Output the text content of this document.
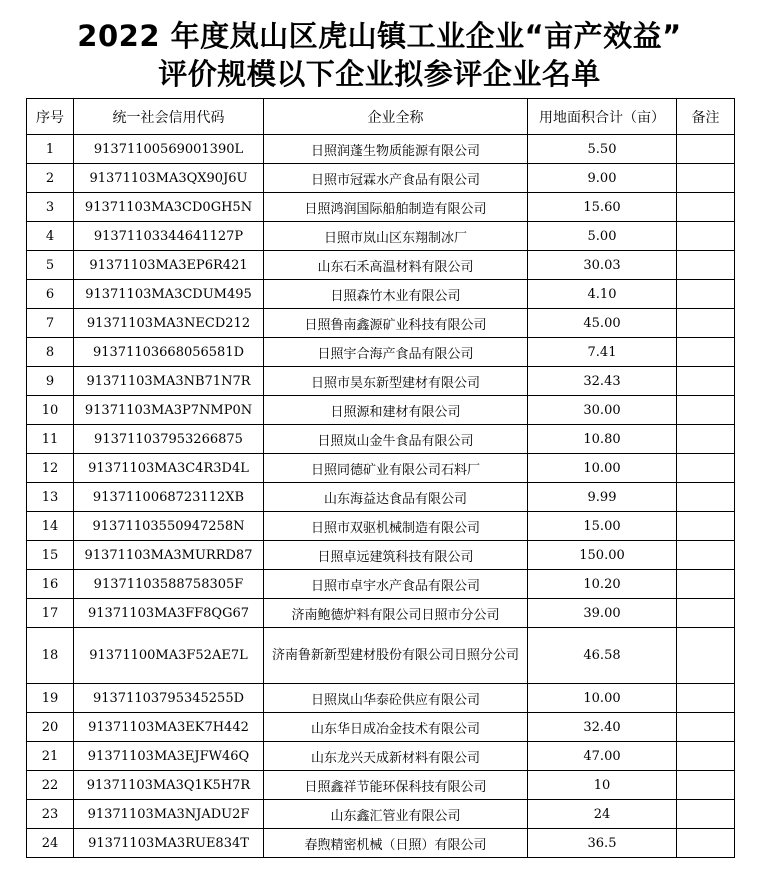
2022 年度岚山区虎山镇工业企业“亩产效益”
评价规模以下企业拟参评企业名单
序号	统一社会信用代码	企业全称	用地面积合计（亩）	备注
1	91371100569001390L	日照润蓬生物质能源有限公司	5.50	
2	91371103MA3QX90J6U	日照市冠霖水产食品有限公司	9.00	
3	91371103MA3CD0GH5N	日照鸿润国际船舶制造有限公司	15.60	
4	91371103344641127P	日照市岚山区东翔制冰厂	5.00	
5	91371103MA3EP6R421	山东石禾高温材料有限公司	30.03	
6	91371103MA3CDUM495	日照森竹木业有限公司	4.10	
7	91371103MA3NECD212	日照鲁南鑫源矿业科技有限公司	45.00	
8	91371103668056581D	日照宇合海产食品有限公司	7.41	
9	91371103MA3NB71N7R	日照市昊东新型建材有限公司	32.43	
10	91371103MA3P7NMP0N	日照源和建材有限公司	30.00	
11	913711037953266875	日照岚山金牛食品有限公司	10.80	
12	91371103MA3C4R3D4L	日照同德矿业有限公司石料厂	10.00	
13	9137110068723112XB	山东海益达食品有限公司	9.99	
14	91371103550947258N	日照市双驱机械制造有限公司	15.00	
15	91371103MA3MURRD87	日照卓远建筑科技有限公司	150.00	
16	91371103588758305F	日照市卓宇水产食品有限公司	10.20	
17	91371103MA3FF8QG67	济南鲍德炉料有限公司日照市分公司	39.00	
18	91371100MA3F52AE7L	济南鲁新新型建材股份有限公司日照分公司	46.58	
19	91371103795345255D	日照岚山华泰砼供应有限公司	10.00	
20	91371103MA3EK7H442	山东华日成冶金技术有限公司	32.40	
21	91371103MA3EJFW46Q	山东龙兴天成新材料有限公司	47.00	
22	91371103MA3Q1K5H7R	日照鑫祥节能环保科技有限公司	10	
23	91371103MA3NJADU2F	山东鑫汇管业有限公司	24	
24	91371103MA3RUE834T	春煦精密机械（日照）有限公司	36.5	
